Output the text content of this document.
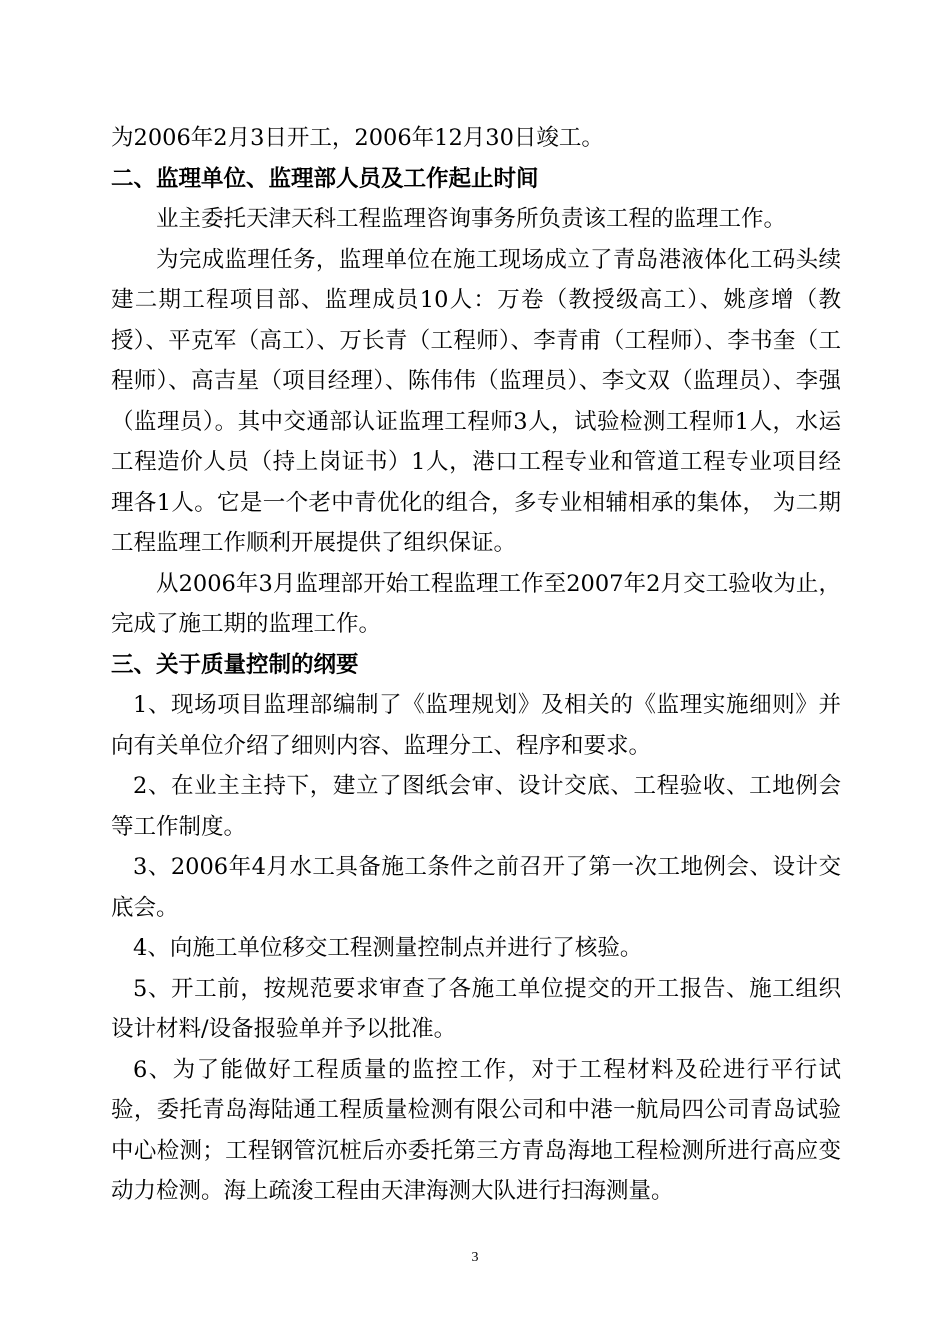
为2006年2月3日开工，2006年12月30日竣工。

二、监理单位、监理部人员及工作起止时间

业主委托天津天科工程监理咨询事务所负责该工程的监理工作。

为完成监理任务，监理单位在施工现场成立了青岛港液体化工码头续建二期工程项目部、监理成员10人：万卷（教授级高工）、姚彦增（教授）、平克军（高工）、万长青（工程师）、李青甫（工程师）、李书奎（工程师）、高吉星（项目经理）、陈伟伟（监理员）、李文双（监理员）、李强（监理员）。其中交通部认证监理工程师3人，试验检测工程师1人，水运工程造价人员（持上岗证书）1人，港口工程专业和管道工程专业项目经理各1人。它是一个老中青优化的组合，多专业相辅相承的集体， 为二期工程监理工作顺利开展提供了组织保证。

从2006年3月监理部开始工程监理工作至2007年2月交工验收为止，完成了施工期的监理工作。

三、关于质量控制的纲要

1、现场项目监理部编制了《监理规划》及相关的《监理实施细则》并向有关单位介绍了细则内容、监理分工、程序和要求。

2、在业主主持下，建立了图纸会审、设计交底、工程验收、工地例会等工作制度。

3、2006年4月水工具备施工条件之前召开了第一次工地例会、设计交底会。

4、向施工单位移交工程测量控制点并进行了核验。

5、开工前，按规范要求审查了各施工单位提交的开工报告、施工组织设计材料/设备报验单并予以批准。

6、为了能做好工程质量的监控工作，对于工程材料及砼进行平行试验，委托青岛海陆通工程质量检测有限公司和中港一航局四公司青岛试验中心检测；工程钢管沉桩后亦委托第三方青岛海地工程检测所进行高应变动力检测。海上疏浚工程由天津海测大队进行扫海测量。

3
